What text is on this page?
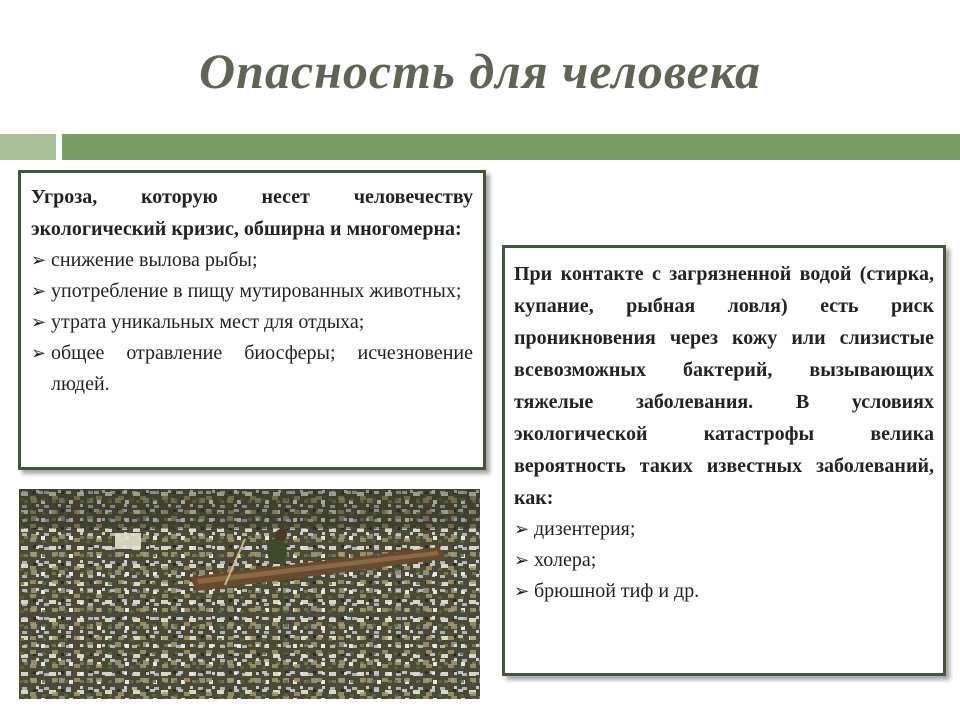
Опасность для человека

Угроза, которую несет человечеству экологический кризис, обширна и многомерна:

➢ снижение вылова рыбы;
➢ употребление в пищу мутированных животных;
➢ утрата уникальных мест для отдыха;
➢ общее отравление биосферы; исчезновение людей.

При контакте с загрязненной водой (стирка, купание, рыбная ловля) есть риск проникновения через кожу или слизистые всевозможных бактерий, вызывающих тяжелые заболевания. В условиях экологической катастрофы велика вероятность таких известных заболеваний, как:

➢ дизентерия;
➢ холера;
➢ брюшной тиф и др.
